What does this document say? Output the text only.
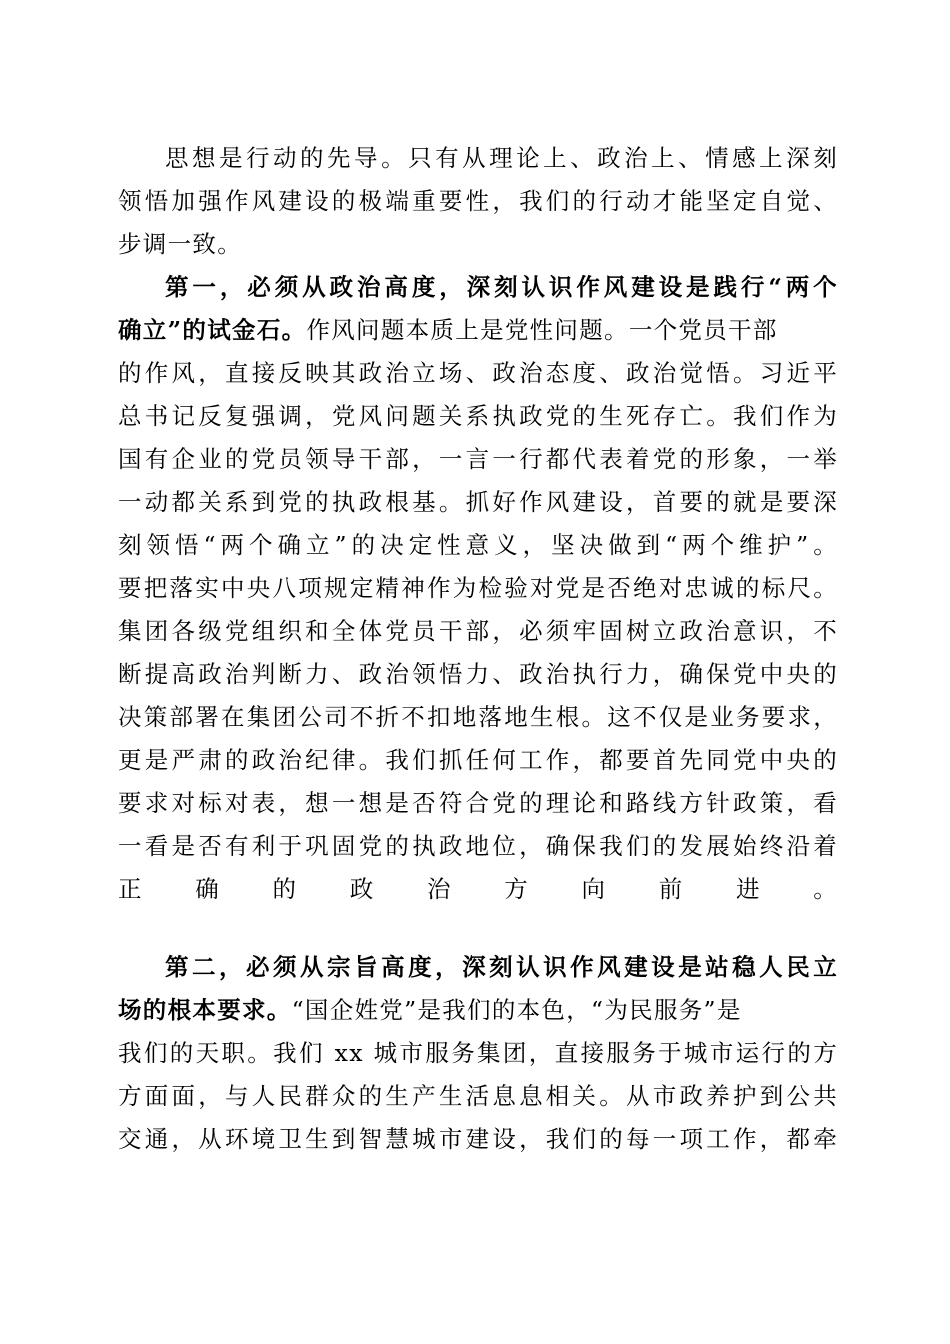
思想是行动的先导。只有从理论上、政治上、情感上深刻
领悟加强作风建设的极端重要性，我们的行动才能坚定自觉、
步调一致。
第一，必须从政治高度，深刻认识作风建设是践行“两个
确立”的试金石。作风问题本质上是党性问题。一个党员干部
的作风，直接反映其政治立场、政治态度、政治觉悟。习近平
总书记反复强调，党风问题关系执政党的生死存亡。我们作为
国有企业的党员领导干部，一言一行都代表着党的形象，一举
一动都关系到党的执政根基。抓好作风建设，首要的就是要深
刻领悟“两个确立”的决定性意义，坚决做到“两个维护”。
要把落实中央八项规定精神作为检验对党是否绝对忠诚的标尺。
集团各级党组织和全体党员干部，必须牢固树立政治意识，不
断提高政治判断力、政治领悟力、政治执行力，确保党中央的
决策部署在集团公司不折不扣地落地生根。这不仅是业务要求，
更是严肃的政治纪律。我们抓任何工作，都要首先同党中央的
要求对标对表，想一想是否符合党的理论和路线方针政策，看
一看是否有利于巩固党的执政地位，确保我们的发展始终沿着
正确的政治方向前进。
第二，必须从宗旨高度，深刻认识作风建设是站稳人民立
场的根本要求。“国企姓党”是我们的本色，“为民服务”是
我们的天职。我们 xx 城市服务集团，直接服务于城市运行的方
方面面，与人民群众的生产生活息息相关。从市政养护到公共
交通，从环境卫生到智慧城市建设，我们的每一项工作，都牵
